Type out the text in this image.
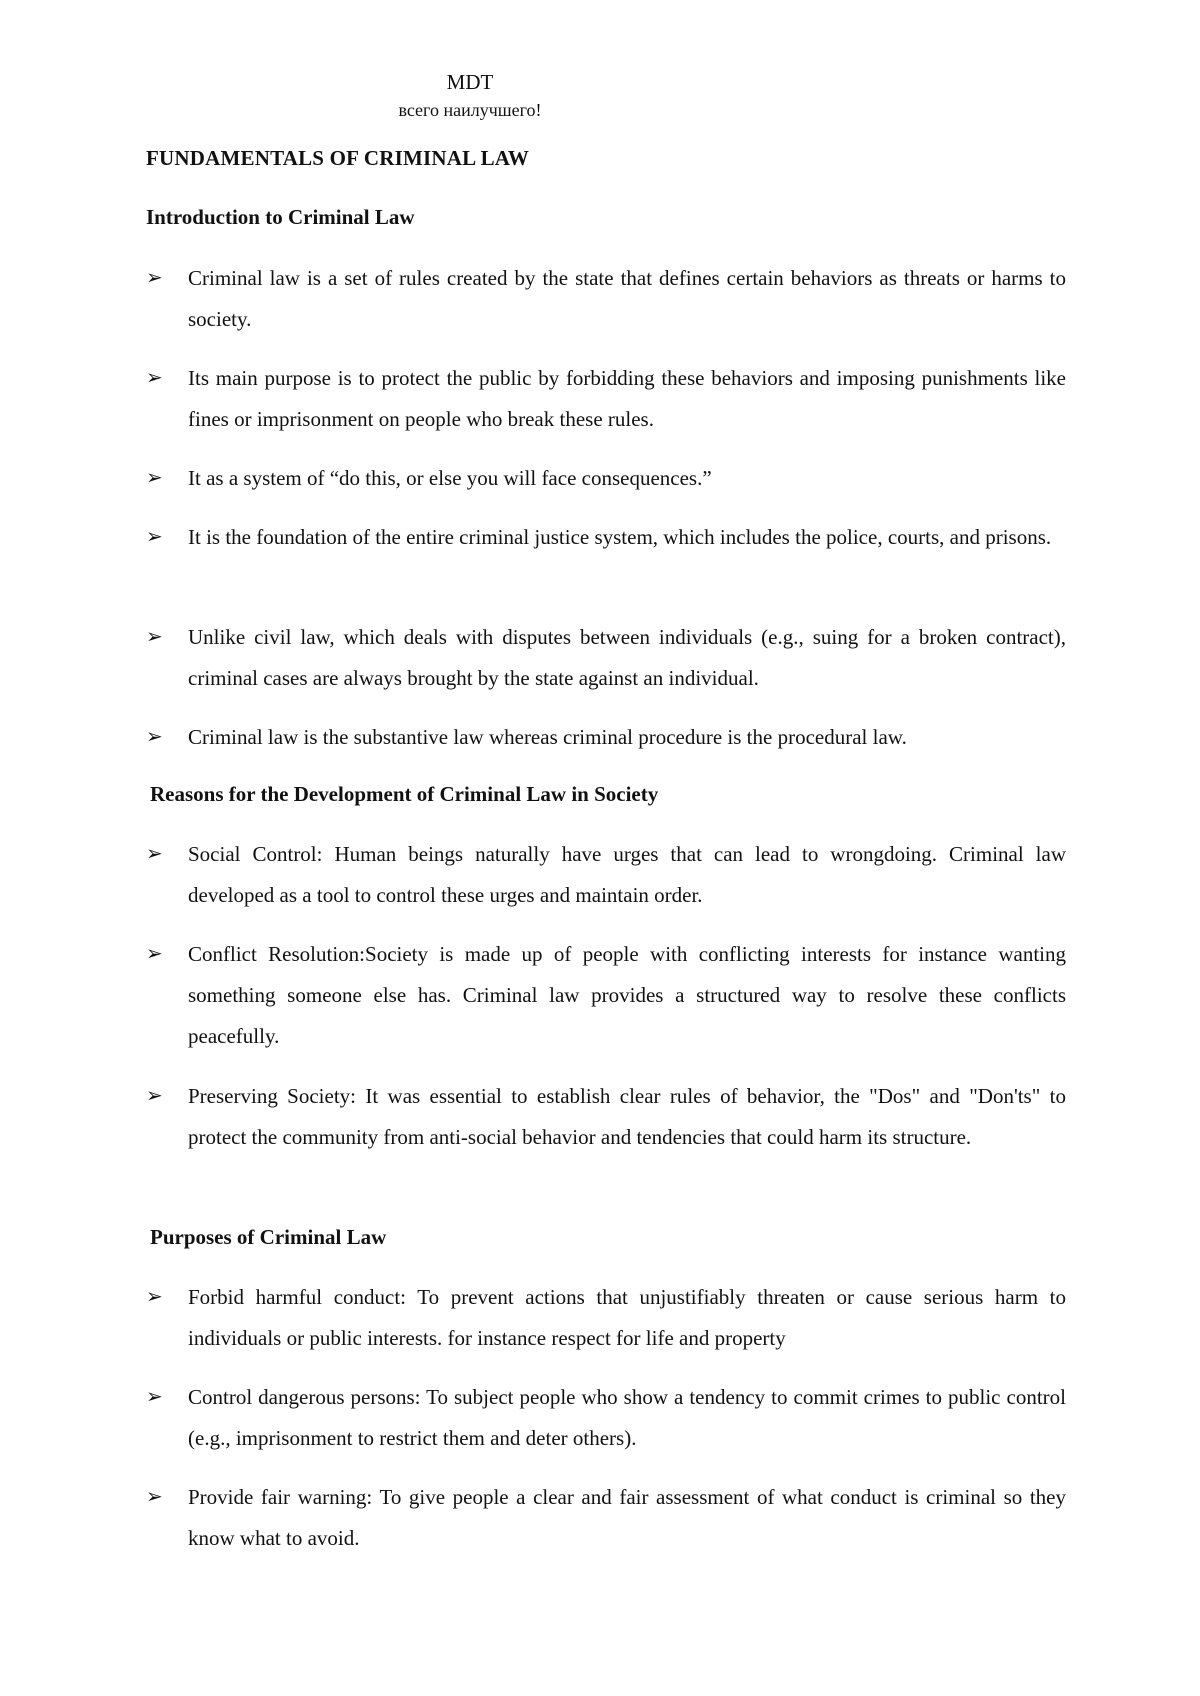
MDT
всего наилучшего!
FUNDAMENTALS OF CRIMINAL LAW
Introduction to Criminal Law
➢ Criminal law is a set of rules created by the state that defines certain behaviors as threats or harms to society.
➢ Its main purpose is to protect the public by forbidding these behaviors and imposing punishments like fines or imprisonment on people who break these rules.
➢ It as a system of “do this, or else you will face consequences.”
➢ It is the foundation of the entire criminal justice system, which includes the police, courts, and prisons.
➢ Unlike civil law, which deals with disputes between individuals (e.g., suing for a broken contract), criminal cases are always brought by the state against an individual.
➢ Criminal law is the substantive law whereas criminal procedure is the procedural law.
Reasons for the Development of Criminal Law in Society
➢ Social Control: Human beings naturally have urges that can lead to wrongdoing. Criminal law developed as a tool to control these urges and maintain order.
➢ Conflict Resolution:Society is made up of people with conflicting interests for instance wanting something someone else has. Criminal law provides a structured way to resolve these conflicts peacefully.
➢ Preserving Society: It was essential to establish clear rules of behavior, the "Dos" and "Don'ts" to protect the community from anti-social behavior and tendencies that could harm its structure.
Purposes of Criminal Law
➢ Forbid harmful conduct: To prevent actions that unjustifiably threaten or cause serious harm to individuals or public interests. for instance respect for life and property
➢ Control dangerous persons: To subject people who show a tendency to commit crimes to public control (e.g., imprisonment to restrict them and deter others).
➢ Provide fair warning: To give people a clear and fair assessment of what conduct is criminal so they know what to avoid.
